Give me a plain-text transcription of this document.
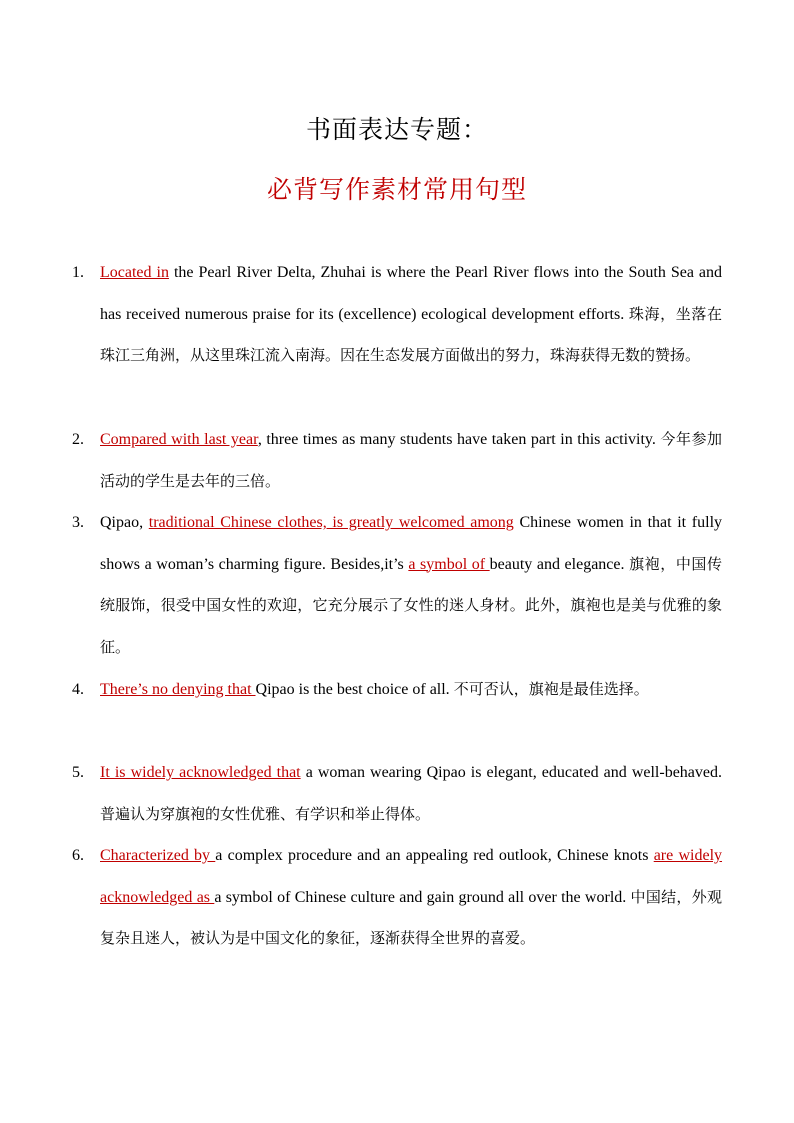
书面表达专题：
必背写作素材常用句型
1.	Located in the Pearl River Delta, Zhuhai is where the Pearl River flows into the South Sea and has received numerous praise for its (excellence) ecological development efforts. 珠海，坐落在珠江三角洲，从这里珠江流入南海。因在生态发展方面做出的努力，珠海获得无数的赞扬。
2.	Compared with last year, three times as many students have taken part in this activity. 今年参加活动的学生是去年的三倍。
3.	Qipao, traditional Chinese clothes, is greatly welcomed among Chinese women in that it fully shows a woman’s charming figure. Besides,it’s a symbol of beauty and elegance. 旗袍，中国传统服饰，很受中国女性的欢迎，它充分展示了女性的迷人身材。此外，旗袍也是美与优雅的象征。
4.	There’s no denying that Qipao is the best choice of all. 不可否认，旗袍是最佳选择。
5.	It is widely acknowledged that a woman wearing Qipao is elegant, educated and well-behaved. 普遍认为穿旗袍的女性优雅、有学识和举止得体。
6.	Characterized by a complex procedure and an appealing red outlook, Chinese knots are widely acknowledged as a symbol of Chinese culture and gain ground all over the world. 中国结，外观复杂且迷人，被认为是中国文化的象征，逐渐获得全世界的喜爱。
